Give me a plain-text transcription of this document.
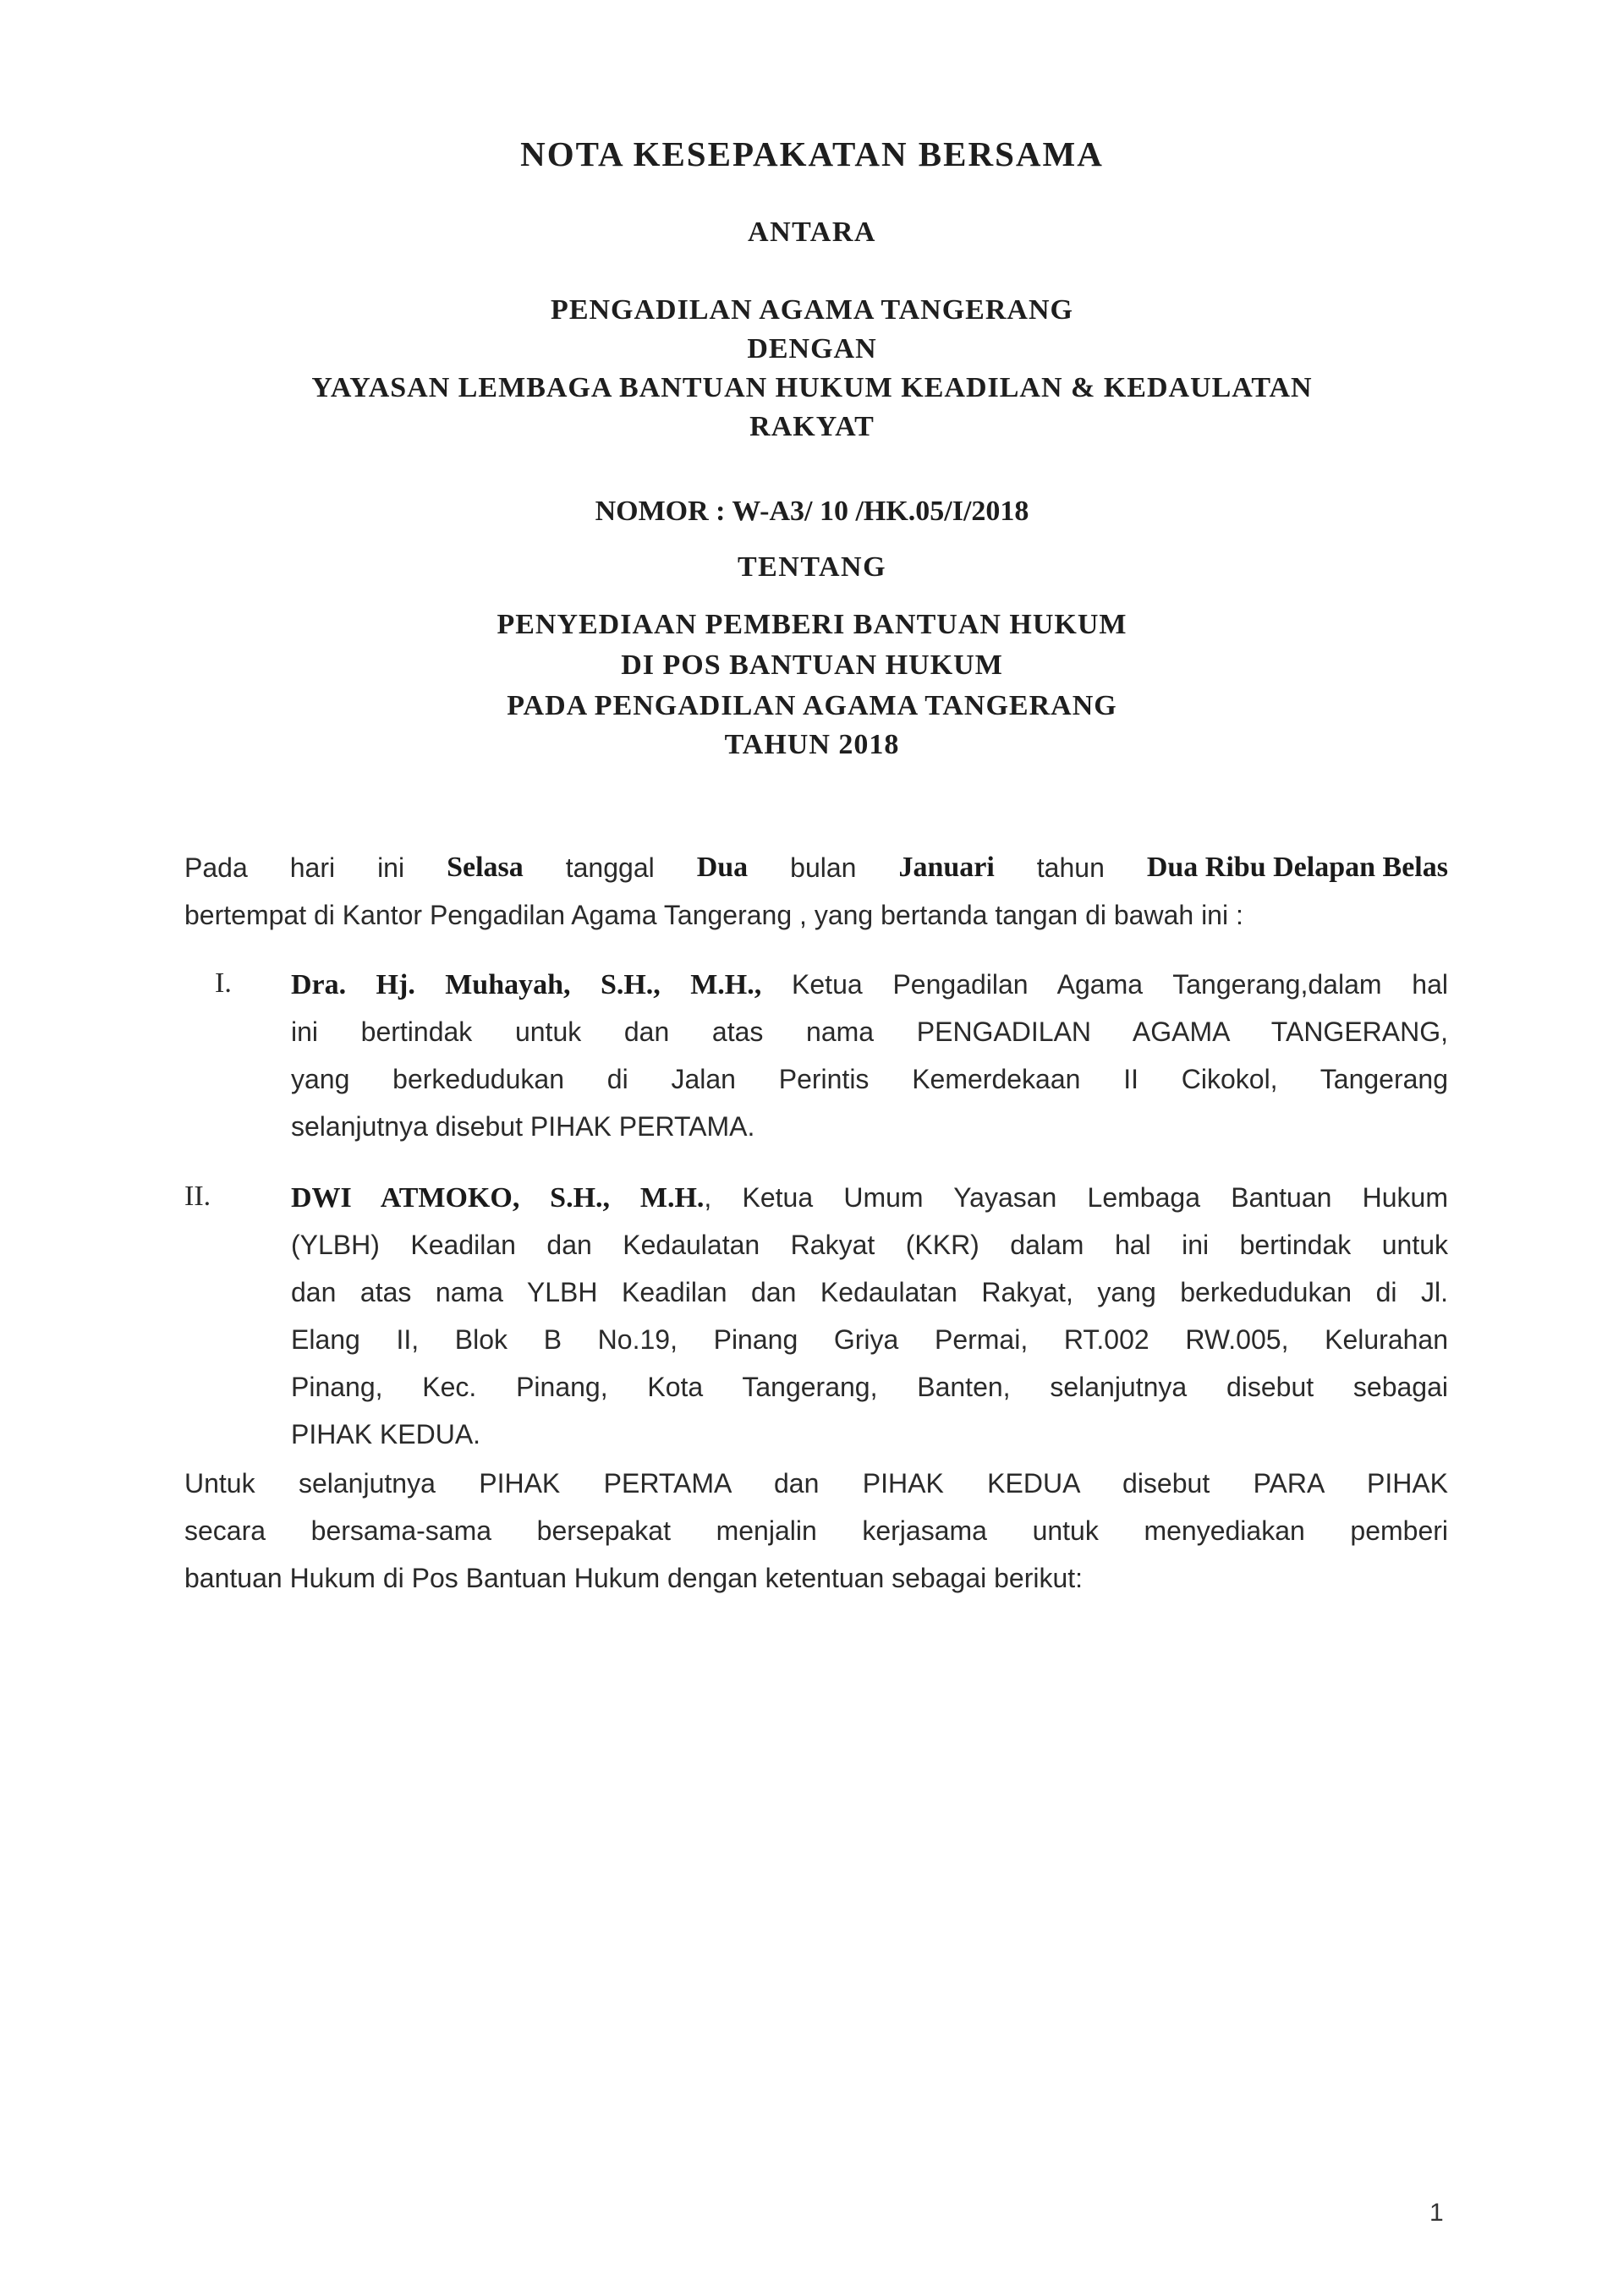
NOTA KESEPAKATAN BERSAMA
ANTARA
PENGADILAN AGAMA TANGERANG
DENGAN
YAYASAN LEMBAGA BANTUAN HUKUM KEADILAN & KEDAULATAN
RAKYAT
NOMOR : W-A3/ 10 /HK.05/I/2018
TENTANG
PENYEDIAAN PEMBERI BANTUAN HUKUM
DI POS BANTUAN HUKUM
PADA PENGADILAN AGAMA TANGERANG
TAHUN 2018
Pada hari ini Selasa tanggal Dua bulan Januari tahun Dua Ribu Delapan Belas
bertempat di Kantor Pengadilan Agama Tangerang , yang bertanda tangan di bawah ini :
I. Dra. Hj. Muhayah, S.H., M.H., Ketua Pengadilan Agama Tangerang,dalam hal
ini bertindak untuk dan atas nama PENGADILAN AGAMA TANGERANG,
yang berkedudukan di Jalan Perintis Kemerdekaan II Cikokol, Tangerang
selanjutnya disebut PIHAK PERTAMA.
II.	DWI ATMOKO, S.H., M.H., Ketua Umum Yayasan Lembaga Bantuan Hukum
(YLBH) Keadilan dan Kedaulatan Rakyat (KKR) dalam hal ini bertindak untuk
dan atas nama YLBH Keadilan dan Kedaulatan Rakyat, yang berkedudukan di Jl.
Elang II, Blok B No.19, Pinang Griya Permai, RT.002 RW.005, Kelurahan
Pinang, Kec. Pinang, Kota Tangerang, Banten, selanjutnya disebut sebagai
PIHAK KEDUA.
Untuk selanjutnya PIHAK PERTAMA dan PIHAK KEDUA disebut PARA PIHAK
secara bersama-sama bersepakat menjalin kerjasama untuk menyediakan pemberi
bantuan Hukum di Pos Bantuan Hukum dengan ketentuan sebagai berikut:
1
